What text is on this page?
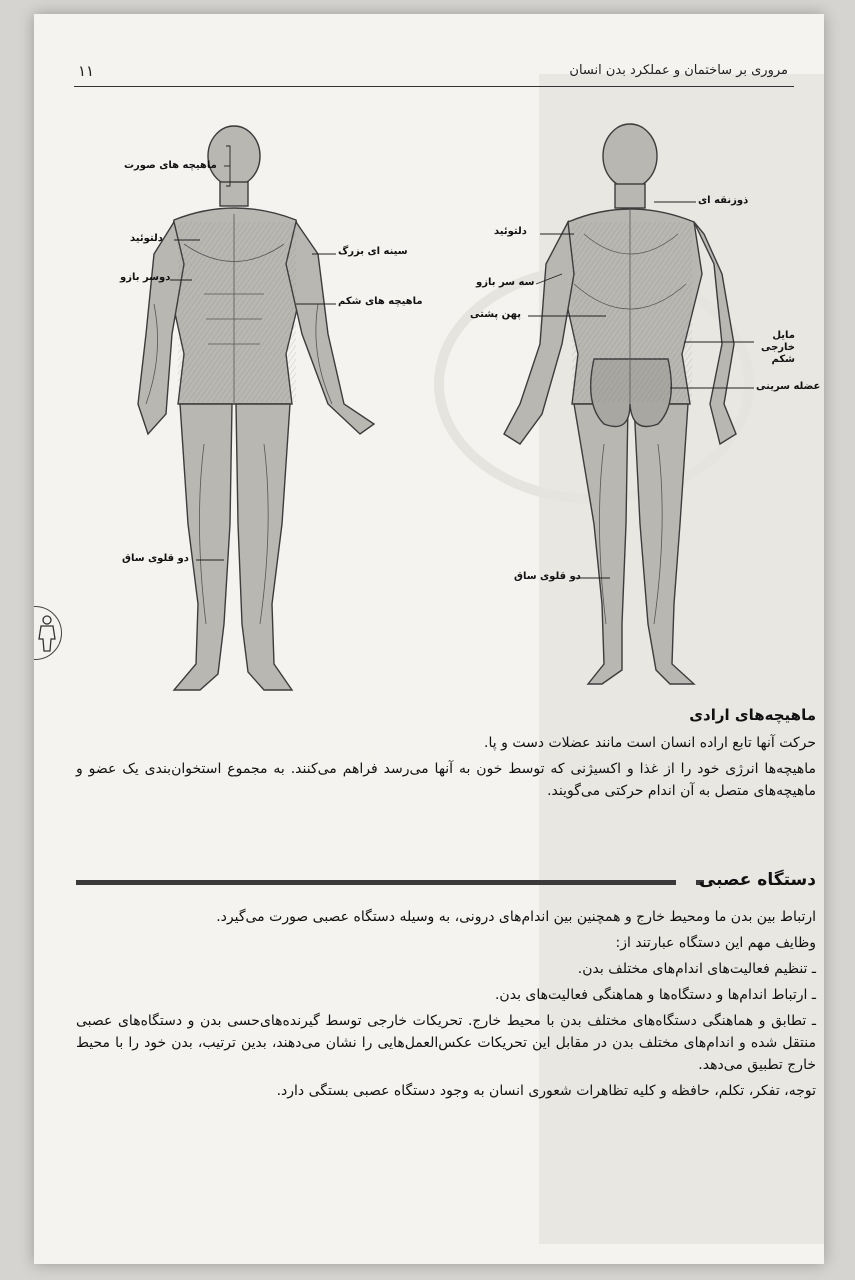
مروری بر ساختمان و عملکرد بدن انسان
۱۱
ماهیچه های صورت
دلتوئید
سینه ای بزرگ
دوسر بازو
ماهیچه های شکم
دو قلوی ساق
ذوزنقه ای
دلتوئید
سه سر بازو
پهن پشتی
مایل خارجی شکم
عضله سرینی
دو قلوی ساق
ماهیچه‌های ارادی

حرکت آنها تابع اراده انسان است مانند عضلات دست و پا.

ماهیچه‌ها انرژی خود را از غذا و اکسیژنی که توسط خون به آنها می‌رسد فراهم می‌کنند. به مجموع استخوان‌بندی یک عضو و ماهیچه‌های متصل به آن اندام حرکتی می‌گویند.

دستگاه عصبی

ارتباط بین بدن ما ومحیط خارج و همچنین بین اندام‌های درونی، به وسیله دستگاه عصبی صورت می‌گیرد.

وظایف مهم این دستگاه عبارتند از:

ـ تنظیم فعالیت‌های اندام‌های مختلف بدن.

ـ ارتباط اندام‌ها و دستگاه‌ها و هماهنگی فعالیت‌های بدن.

ـ تطابق و هماهنگی دستگاه‌های مختلف بدن با محیط خارج. تحریکات خارجی توسط گیرنده‌های‌حسی بدن و دستگاه‌های عصبی منتقل شده و اندام‌های مختلف بدن در مقابل این تحریکات عکس‌العمل‌هایی را نشان می‌دهند، بدین ترتیب، بدن خود را با محیط خارج تطبیق می‌دهد.

توجه، تفکر، تکلم، حافظه و کلیه تظاهرات شعوری انسان به وجود دستگاه عصبی بستگی دارد.
